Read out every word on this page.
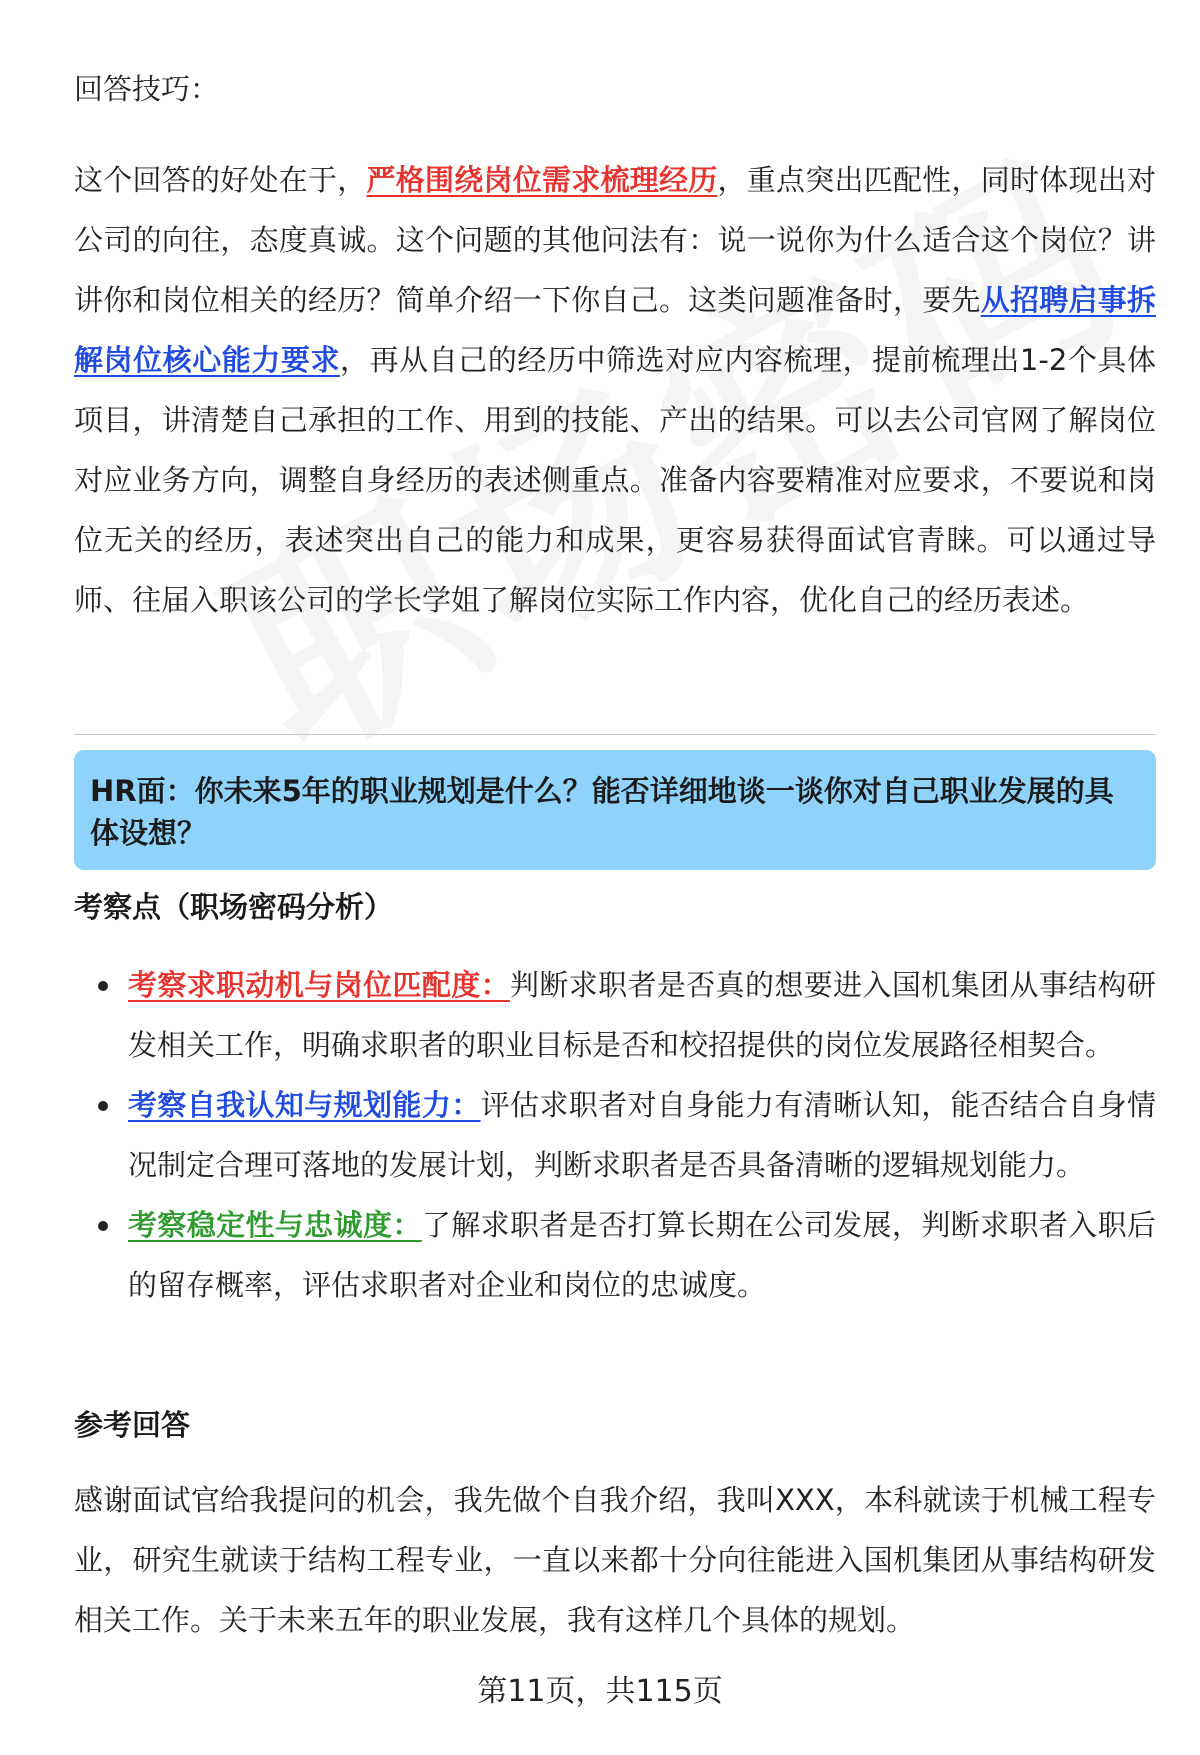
回答技巧：
这个回答的好处在于，严格围绕岗位需求梳理经历，重点突出匹配性，同时体现出对公司的向往，态度真诚。这个问题的其他问法有：说一说你为什么适合这个岗位？讲讲你和岗位相关的经历？简单介绍一下你自己。这类问题准备时，要先从招聘启事拆解岗位核心能力要求，再从自己的经历中筛选对应内容梳理，提前梳理出1-2个具体项目，讲清楚自己承担的工作、用到的技能、产出的结果。可以去公司官网了解岗位对应业务方向，调整自身经历的表述侧重点。准备内容要精准对应要求，不要说和岗位无关的经历，表述突出自己的能力和成果，更容易获得面试官青睐。可以通过导师、往届入职该公司的学长学姐了解岗位实际工作内容，优化自己的经历表述。
HR面：你未来5年的职业规划是什么？能否详细地谈一谈你对自己职业发展的具体设想？
考察点（职场密码分析）
考察求职动机与岗位匹配度：判断求职者是否真的想要进入国机集团从事结构研发相关工作，明确求职者的职业目标是否和校招提供的岗位发展路径相契合。
考察自我认知与规划能力：评估求职者对自身能力有清晰认知，能否结合自身情况制定合理可落地的发展计划，判断求职者是否具备清晰的逻辑规划能力。
考察稳定性与忠诚度：了解求职者是否打算长期在公司发展，判断求职者入职后的留存概率，评估求职者对企业和岗位的忠诚度。
参考回答
感谢面试官给我提问的机会，我先做个自我介绍，我叫XXX，本科就读于机械工程专业，研究生就读于结构工程专业，一直以来都十分向往能进入国机集团从事结构研发相关工作。关于未来五年的职业发展，我有这样几个具体的规划。
第11页，共115页
